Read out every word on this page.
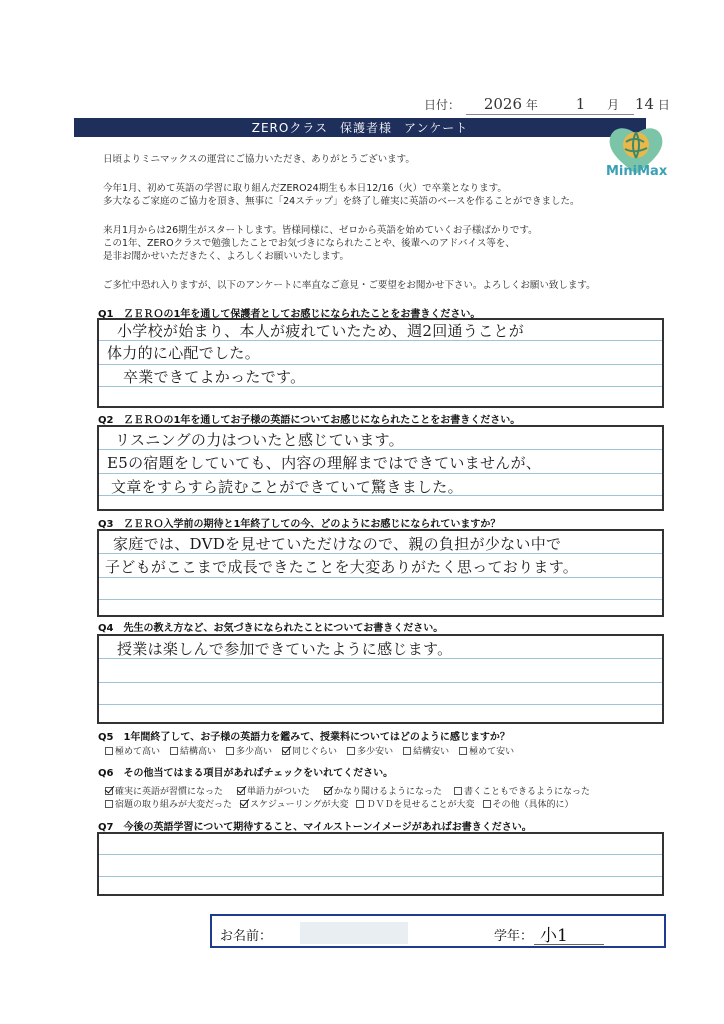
日付： 2026 年	1 月 14 日
ZEROクラス 保護者様 アンケート
MiniMax
日頃よりミニマックスの運営にご協力いただき、ありがとうございます。
今年1月、初めて英語の学習に取り組んだZERO24期生も本日12/16（火）で卒業となります。
多大なるご家庭のご協力を頂き、無事に「24ステップ」を終了し確実に英語のベースを作ることができました。
来月1月からは26期生がスタートします。皆様同様に、ゼロから英語を始めていくお子様ばかりです。
この1年、ZEROクラスで勉強したことでお気づきになられたことや、後輩へのアドバイス等を、
是非お聞かせいただきたく、よろしくお願いいたします。
ご多忙中恐れ入りますが、以下のアンケートに率直なご意見・ご要望をお聞かせ下さい。よろしくお願い致します。
Q1　ＺＥＲＯの1年を通して保護者としてお感じになられたことをお書きください。
小学校が始まり、本人が疲れていたため、週2回通うことが
体力的に心配でした。
卒業できてよかったです。
Q2　ＺＥＲＯの1年を通してお子様の英語についてお感じになられたことをお書きください。
リスニングの力はついたと感じています。
E5の宿題をしていても、内容の理解まではできていませんが、
文章をすらすら読むことができていて驚きました。
Q3　ＺＥＲＯ入学前の期待と1年終了しての今、どのようにお感じになられていますか？
家庭では、DVDを見せていただけなので、親の負担が少ない中で
子どもがここまで成長できたことを大変ありがたく思っております。
Q4　先生の教え方など、お気づきになられたことについてお書きください。
授業は楽しんで参加できていたように感じます。
Q5　1年間終了して、お子様の英語力を鑑みて、授業料についてはどのように感じますか？
極めて高い 結構高い 多少高い 同じぐらい 多少安い 結構安い 極めて安い
Q6　その他当てはまる項目があればチェックをいれてください。
確実に英語が習慣になった	単語力がついた	かなり聞けるようになった 書くこともできるようになった
宿題の取り組みが大変だった スケジューリングが大変 ＤＶＤを見せることが大変 その他（具体的に）
Q7　今後の英語学習について期待すること、マイルストーンイメージがあればお書きください。
お名前：	学年： 小1
